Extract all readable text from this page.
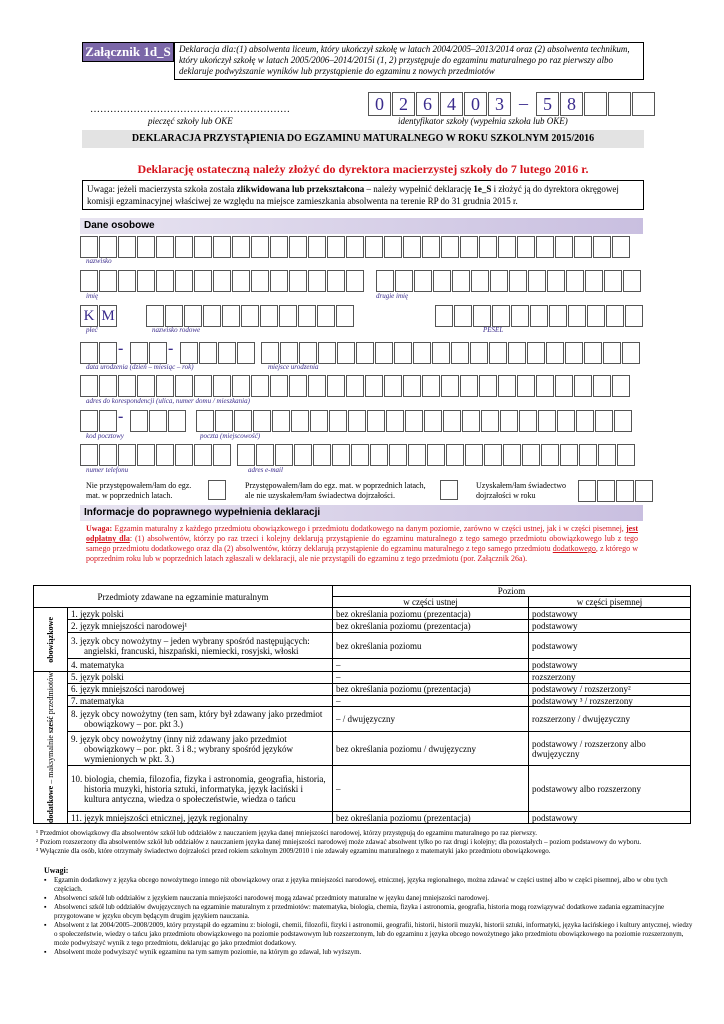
Załącznik 1d_S Deklaracja dla:(1) absolwenta liceum, który ukończył szkołę w latach 2004/2005–2013/2014 oraz (2) absolwenta technikum, który ukończył szkołę w latach 2005/2006–2014/2015i (1, 2) przystępuje do egzaminu maturalnego po raz pierwszy albo deklaruje podwyższanie wyników lub przystąpienie do egzaminu z nowych przedmiotów
……………………………………………………
pieczęć szkoły lub OKE
0 2 6 4 0 3 – 5 8
identyfikator szkoły (wypełnia szkoła lub OKE)
DEKLARACJA PRZYSTĄPIENIA DO EGZAMINU MATURALNEGO W ROKU SZKOLNYM 2015/2016
Deklarację ostateczną należy złożyć do dyrektora macierzystej szkoły do 7 lutego 2016 r.
Uwaga: jeżeli macierzysta szkoła została zlikwidowana lub przekształcona – należy wypełnić deklarację 1e_S i złożyć ją do dyrektora okręgowej komisji egzaminacyjnej właściwej ze względu na miejsce zamieszkania absolwenta na terenie RP do 31 grudnia 2015 r.
Dane osobowe
nazwisko
imię	drugie imię
K M
płeć	nazwisko rodowe	PESEL
-	-
data urodzenia (dzień – miesiąc – rok)	miejsce urodzenia
adres do korespondencji (ulica, numer domu / mieszkania)
-
kod pocztowy	poczta (miejscowość)
numer telefonu	adres e-mail
Nie przystępowałem/łam do egz. mat. w poprzednich latach.
Przystępowałem/łam do egz. mat. w poprzednich latach, ale nie uzyskałem/łam świadectwa dojrzałości.
Uzyskałem/łam świadectwo dojrzałości w roku
Informacje do poprawnego wypełnienia deklaracji
Uwaga: Egzamin maturalny z każdego przedmiotu obowiązkowego i przedmiotu dodatkowego na danym poziomie, zarówno w części ustnej, jak i w części pisemnej, jest odpłatny dla: (1) absolwentów, którzy po raz trzeci i kolejny deklarują przystąpienie do egzaminu maturalnego z tego samego przedmiotu obowiązkowego lub z tego samego przedmiotu dodatkowego oraz dla (2) absolwentów, którzy deklarują przystąpienie do egzaminu maturalnego z tego samego przedmiotu dodatkowego, z którego w poprzednim roku lub w poprzednich latach zgłaszali w deklaracji, ale nie przystąpili do egzaminu z tego przedmiotu (por. Załącznik 26a).
Przedmioty zdawane na egzaminie maturalnym		Poziom	
		w części ustnej	w części pisemnej

obowiązkowe	1. język polski	bez określania poziomu (prezentacja)	podstawowy
	2. język mniejszości narodowej¹	bez określania poziomu (prezentacja)	podstawowy
	3. język obcy nowożytny – jeden wybrany spośród następujących: angielski, francuski, hiszpański, niemiecki, rosyjski, włoski	bez określania poziomu	podstawowy
	4. matematyka	–	podstawowy

dodatkowe – maksymalnie sześć przedmiotów	5. język polski	–	rozszerzony
	6. język mniejszości narodowej	bez określania poziomu (prezentacja)	podstawowy / rozszerzony²
	7. matematyka	–	podstawowy ³ / rozszerzony
	8. język obcy nowożytny (ten sam, który był zdawany jako przedmiot obowiązkowy – por. pkt 3.)	– / dwujęzyczny	rozszerzony / dwujęzyczny
	9. język obcy nowożytny (inny niż zdawany jako przedmiot obowiązkowy – por. pkt. 3 i 8.; wybrany spośród języków wymienionych w pkt. 3.)	bez określania poziomu / dwujęzyczny	podstawowy / rozszerzony albo dwujęzyczny
	10. biologia, chemia, filozofia, fizyka i astronomia, geografia, historia, historia muzyki, historia sztuki, informatyka, język łaciński i kultura antyczna, wiedza o społeczeństwie, wiedza o tańcu	–	podstawowy albo rozszerzony
	11. język mniejszości etnicznej, język regionalny	bez określania poziomu (prezentacja)	podstawowy
¹ Przedmiot obowiązkowy dla absolwentów szkół lub oddziałów z nauczaniem języka danej mniejszości narodowej, którzy przystępują do egzaminu maturalnego po raz pierwszy.
² Poziom rozszerzony dla absolwentów szkół lub oddziałów z nauczaniem języka danej mniejszości narodowej może zdawać absolwent tylko po raz drugi i kolejny; dla pozostałych – poziom podstawowy do wyboru.
³ Wyłącznie dla osób, które otrzymały świadectwo dojrzałości przed rokiem szkolnym 2009/2010 i nie zdawały egzaminu maturalnego z matematyki jako przedmiotu obowiązkowego.
Uwagi:
▪ Egzamin dodatkowy z języka obcego nowożytnego innego niż obowiązkowy oraz z języka mniejszości narodowej, etnicznej, języka regionalnego, można zdawać w części ustnej albo w części pisemnej, albo w obu tych częściach.
▪ Absolwenci szkół lub oddziałów z językiem nauczania mniejszości narodowej mogą zdawać przedmioty maturalne w języku danej mniejszości narodowej.
▪ Absolwenci szkół lub oddziałów dwujęzycznych na egzaminie maturalnym z przedmiotów: matematyka, biologia, chemia, fizyka i astronomia, geografia, historia mogą rozwiązywać dodatkowe zadania egzaminacyjne przygotowane w języku obcym będącym drugim językiem nauczania.
▪ Absolwent z lat 2004/2005–2008/2009, który przystąpił do egzaminu z: biologii, chemii, filozofii, fizyki i astronomii, geografii, historii, historii muzyki, historii sztuki, informatyki, języka łacińskiego i kultury antycznej, wiedzy o społeczeństwie, wiedzy o tańcu jako przedmiotu obowiązkowego na poziomie podstawowym lub rozszerzonym, lub do egzaminu z języka obcego nowożytnego jako przedmiotu obowiązkowego na poziomie rozszerzonym, może podwyższyć wynik z tego przedmiotu, deklarując go jako przedmiot dodatkowy.
▪ Absolwent może podwyższyć wynik egzaminu na tym samym poziomie, na którym go zdawał, lub wyższym.
